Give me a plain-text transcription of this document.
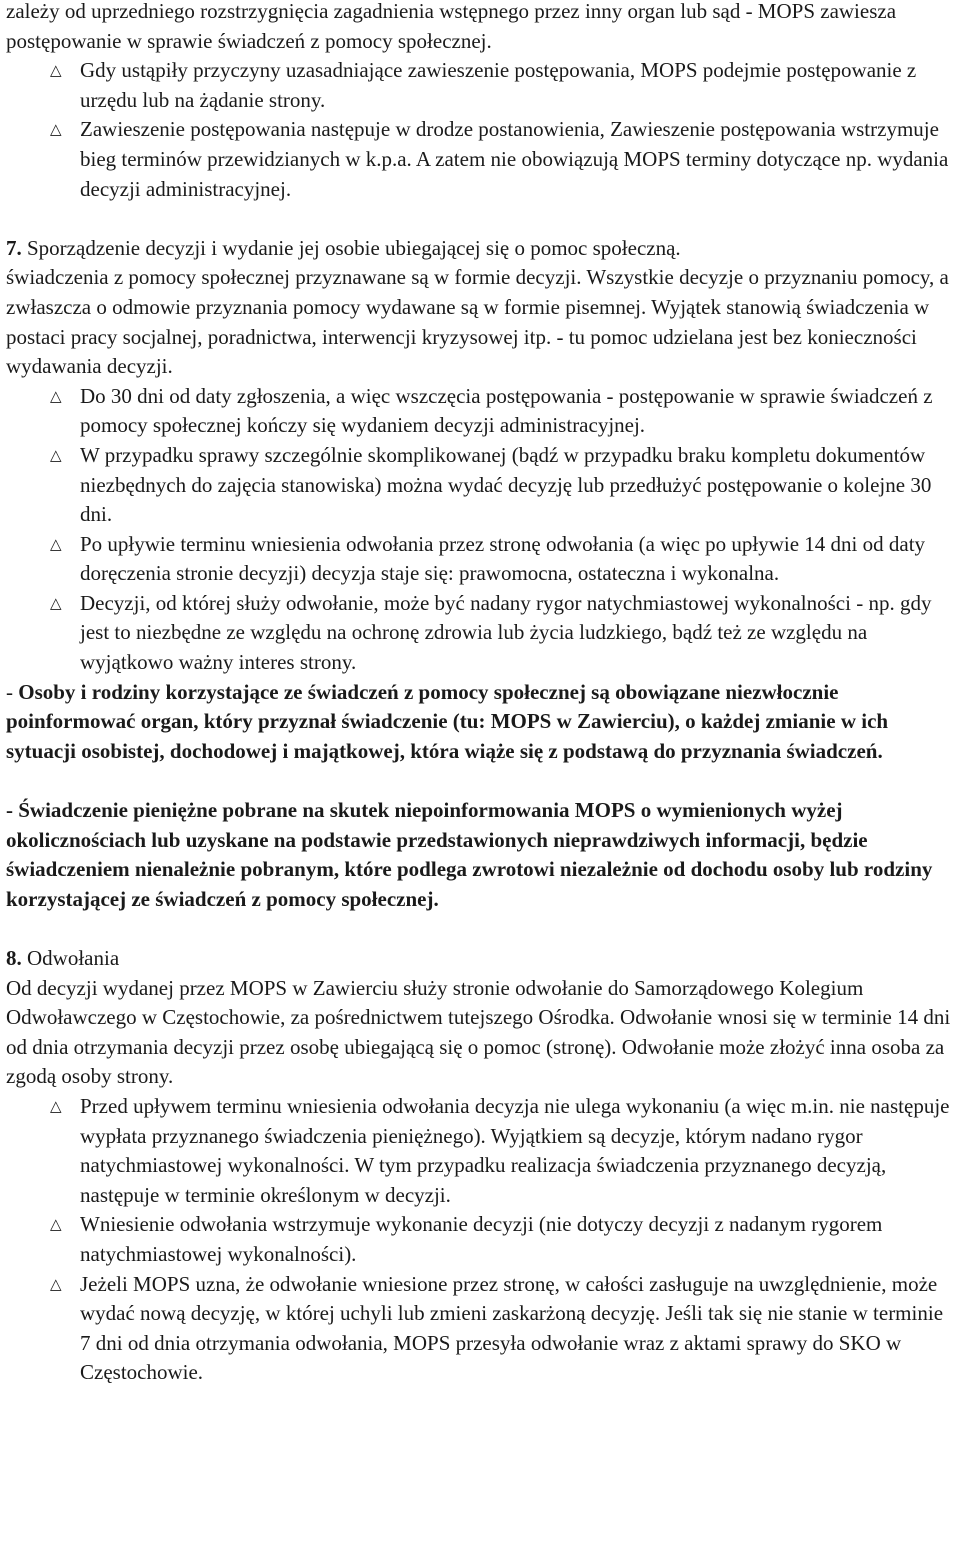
zależy od uprzedniego rozstrzygnięcia zagadnienia wstępnego przez inny organ lub sąd - MOPS zawiesza postępowanie w sprawie świadczeń z pomocy społecznej.

△ Gdy ustąpiły przyczyny uzasadniające zawieszenie postępowania, MOPS podejmie postępowanie z urzędu lub na żądanie strony.

△ Zawieszenie postępowania następuje w drodze postanowienia, Zawieszenie postępowania wstrzymuje bieg terminów przewidzianych w k.p.a. A zatem nie obowiązują MOPS terminy dotyczące np. wydania decyzji administracyjnej.

7. Sporządzenie decyzji i wydanie jej osobie ubiegającej się o pomoc społeczną.

świadczenia z pomocy społecznej przyznawane są w formie decyzji. Wszystkie decyzje o przyznaniu pomocy, a zwłaszcza o odmowie przyznania pomocy wydawane są w formie pisemnej. Wyjątek stanowią świadczenia w postaci pracy socjalnej, poradnictwa, interwencji kryzysowej itp. - tu pomoc udzielana jest bez konieczności wydawania decyzji.

△ Do 30 dni od daty zgłoszenia, a więc wszczęcia postępowania - postępowanie w sprawie świadczeń z pomocy społecznej kończy się wydaniem decyzji administracyjnej.

△ W przypadku sprawy szczególnie skomplikowanej (bądź w przypadku braku kompletu dokumentów niezbędnych do zajęcia stanowiska) można wydać decyzję lub przedłużyć postępowanie o kolejne 30 dni.

△ Po upływie terminu wniesienia odwołania przez stronę odwołania (a więc po upływie 14 dni od daty doręczenia stronie decyzji) decyzja staje się: prawomocna, ostateczna i wykonalna.

△ Decyzji, od której służy odwołanie, może być nadany rygor natychmiastowej wykonalności - np. gdy jest to niezbędne ze względu na ochronę zdrowia lub życia ludzkiego, bądź też ze względu na wyjątkowo ważny interes strony.

- Osoby i rodziny korzystające ze świadczeń z pomocy społecznej są obowiązane niezwłocznie poinformować organ, który przyznał świadczenie (tu: MOPS w Zawierciu), o każdej zmianie w ich sytuacji osobistej, dochodowej i majątkowej, która wiąże się z podstawą do przyznania świadczeń.

- Świadczenie pieniężne pobrane na skutek niepoinformowania MOPS o wymienionych wyżej okolicznościach lub uzyskane na podstawie przedstawionych nieprawdziwych informacji, będzie świadczeniem nienależnie pobranym, które podlega zwrotowi niezależnie od dochodu osoby lub rodziny korzystającej ze świadczeń z pomocy społecznej.

8. Odwołania

Od decyzji wydanej przez MOPS w Zawierciu służy stronie odwołanie do Samorządowego Kolegium Odwoławczego w Częstochowie, za pośrednictwem tutejszego Ośrodka. Odwołanie wnosi się w terminie 14 dni od dnia otrzymania decyzji przez osobę ubiegającą się o pomoc (stronę). Odwołanie może złożyć inna osoba za zgodą osoby strony.

△ Przed upływem terminu wniesienia odwołania decyzja nie ulega wykonaniu (a więc m.in. nie następuje wypłata przyznanego świadczenia pieniężnego). Wyjątkiem są decyzje, którym nadano rygor natychmiastowej wykonalności. W tym przypadku realizacja świadczenia przyznanego decyzją, następuje w terminie określonym w decyzji.

△ Wniesienie odwołania wstrzymuje wykonanie decyzji (nie dotyczy decyzji z nadanym rygorem natychmiastowej wykonalności).

△ Jeżeli MOPS uzna, że odwołanie wniesione przez stronę, w całości zasługuje na uwzględnienie, może wydać nową decyzję, w której uchyli lub zmieni zaskarżoną decyzję. Jeśli tak się nie stanie w terminie 7 dni od dnia otrzymania odwołania, MOPS przesyła odwołanie wraz z aktami sprawy do SKO w Częstochowie.
